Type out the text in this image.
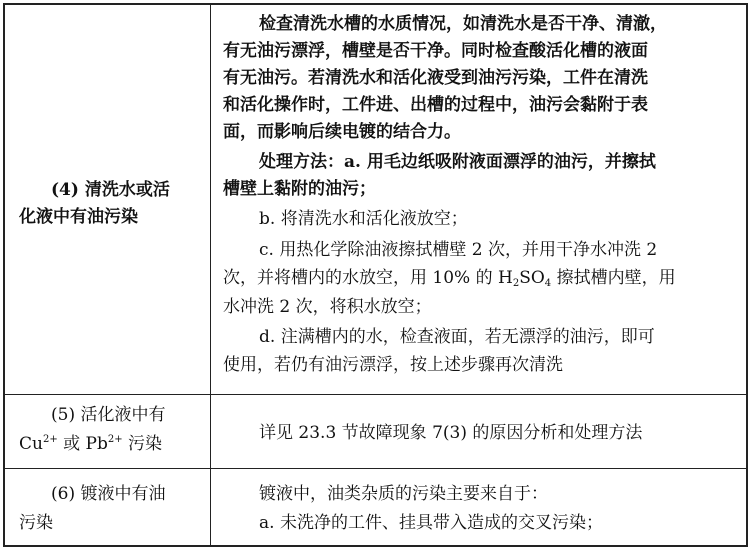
(4) 清洗水或活
化液中有油污染
检查清洗水槽的水质情况，如清洗水是否干净、清澈，
有无油污漂浮，槽壁是否干净。同时检查酸活化槽的液面
有无油污。若清洗水和活化液受到油污污染，工件在清洗
和活化操作时，工件进、出槽的过程中，油污会黏附于表
面，而影响后续电镀的结合力。
处理方法：a. 用毛边纸吸附液面漂浮的油污，并擦拭
槽壁上黏附的油污；
b. 将清洗水和活化液放空；
c. 用热化学除油液擦拭槽壁 2 次，并用干净水冲洗 2
次，并将槽内的水放空，用 10% 的 $H_2SO_4$ 擦拭槽内壁，用
水冲洗 2 次，将积水放空；
d. 注满槽内的水，检查液面，若无漂浮的油污，即可
使用，若仍有油污漂浮，按上述步骤再次清洗
(5) 活化液中有
$Cu^{2+}$ 或 $Pb^{2+}$ 污染
详见 23.3 节故障现象 7(3) 的原因分析和处理方法
(6) 镀液中有油
污染
镀液中，油类杂质的污染主要来自于：
a. 未洗净的工件、挂具带入造成的交叉污染；
